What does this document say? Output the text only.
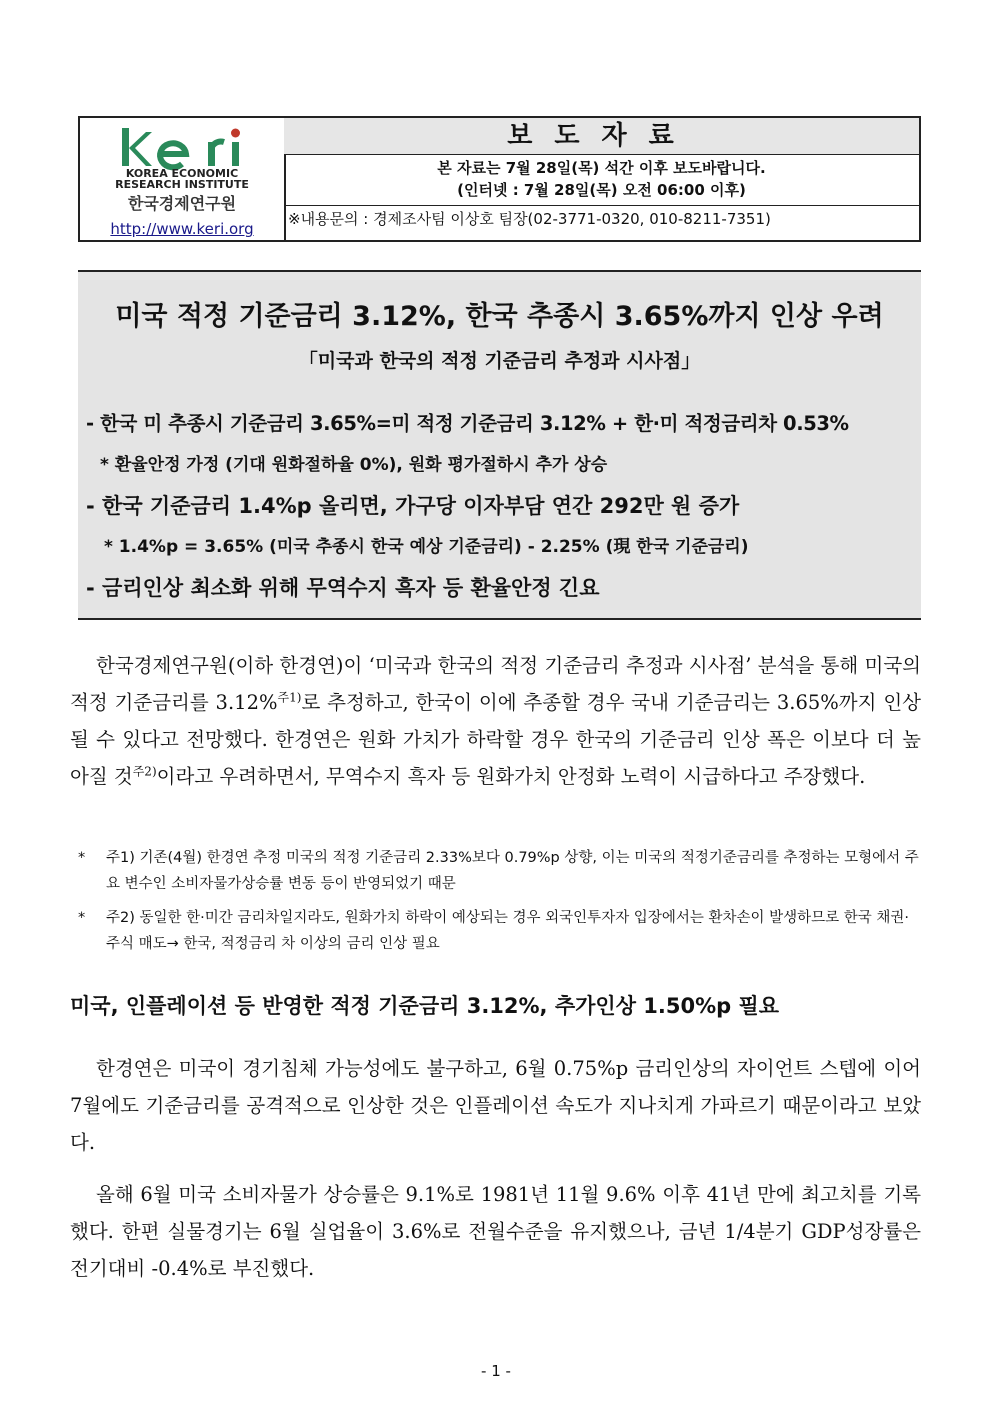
KOREA ECONOMIC
RESEARCH INSTITUTE
한국경제연구원
http://www.keri.org
보도자료
본 자료는 7월 28일(목) 석간 이후 보도바랍니다.
(인터넷 : 7월 28일(목) 오전 06:00 이후)
※내용문의 : 경제조사팀 이상호 팀장(02-3771-0320, 010-8211-7351)
미국 적정 기준금리 3.12%, 한국 추종시 3.65%까지 인상 우려
「미국과 한국의 적정 기준금리 추정과 시사점」
- 한국 미 추종시 기준금리 3.65%=미 적정 기준금리 3.12% + 한·미 적정금리차 0.53%
* 환율안정 가정 (기대 원화절하율 0%), 원화 평가절하시 추가 상승
- 한국 기준금리 1.4%p 올리면, 가구당 이자부담 연간 292만 원 증가
* 1.4%p = 3.65% (미국 추종시 한국 예상 기준금리) - 2.25% (現 한국 기준금리)
- 금리인상 최소화 위해 무역수지 흑자 등 환율안정 긴요
한국경제연구원(이하 한경연)이 ‘미국과 한국의 적정 기준금리 추정과 시사점’ 분석을 통해 미국의 적정 기준금리를 3.12%$^{주1)}$로 추정하고, 한국이 이에 추종할 경우 국내 기준금리는 3.65%까지 인상될 수 있다고 전망했다. 한경연은 원화 가치가 하락할 경우 한국의 기준금리 인상 폭은 이보다 더 높아질 것$^{주2)}$이라고 우려하면서, 무역수지 흑자 등 원화가치 안정화 노력이 시급하다고 주장했다.
* 주1) 기존(4월) 한경연 추정 미국의 적정 기준금리 2.33%보다 0.79%p 상향, 이는 미국의 적정기준금리를 추정하는 모형에서 주요 변수인 소비자물가상승률 변동 등이 반영되었기 때문
* 주2) 동일한 한·미간 금리차일지라도, 원화가치 하락이 예상되는 경우 외국인투자자 입장에서는 환차손이 발생하므로 한국 채권·주식 매도→ 한국, 적정금리 차 이상의 금리 인상 필요
미국, 인플레이션 등 반영한 적정 기준금리 3.12%, 추가인상 1.50%p 필요
한경연은 미국이 경기침체 가능성에도 불구하고, 6월 0.75%p 금리인상의 자이언트 스텝에 이어 7월에도 기준금리를 공격적으로 인상한 것은 인플레이션 속도가 지나치게 가파르기 때문이라고 보았다.
올해 6월 미국 소비자물가 상승률은 9.1%로 1981년 11월 9.6% 이후 41년 만에 최고치를 기록했다. 한편 실물경기는 6월 실업율이 3.6%로 전월수준을 유지했으나, 금년 1/4분기 GDP성장률은 전기대비 -0.4%로 부진했다.
- 1 -
